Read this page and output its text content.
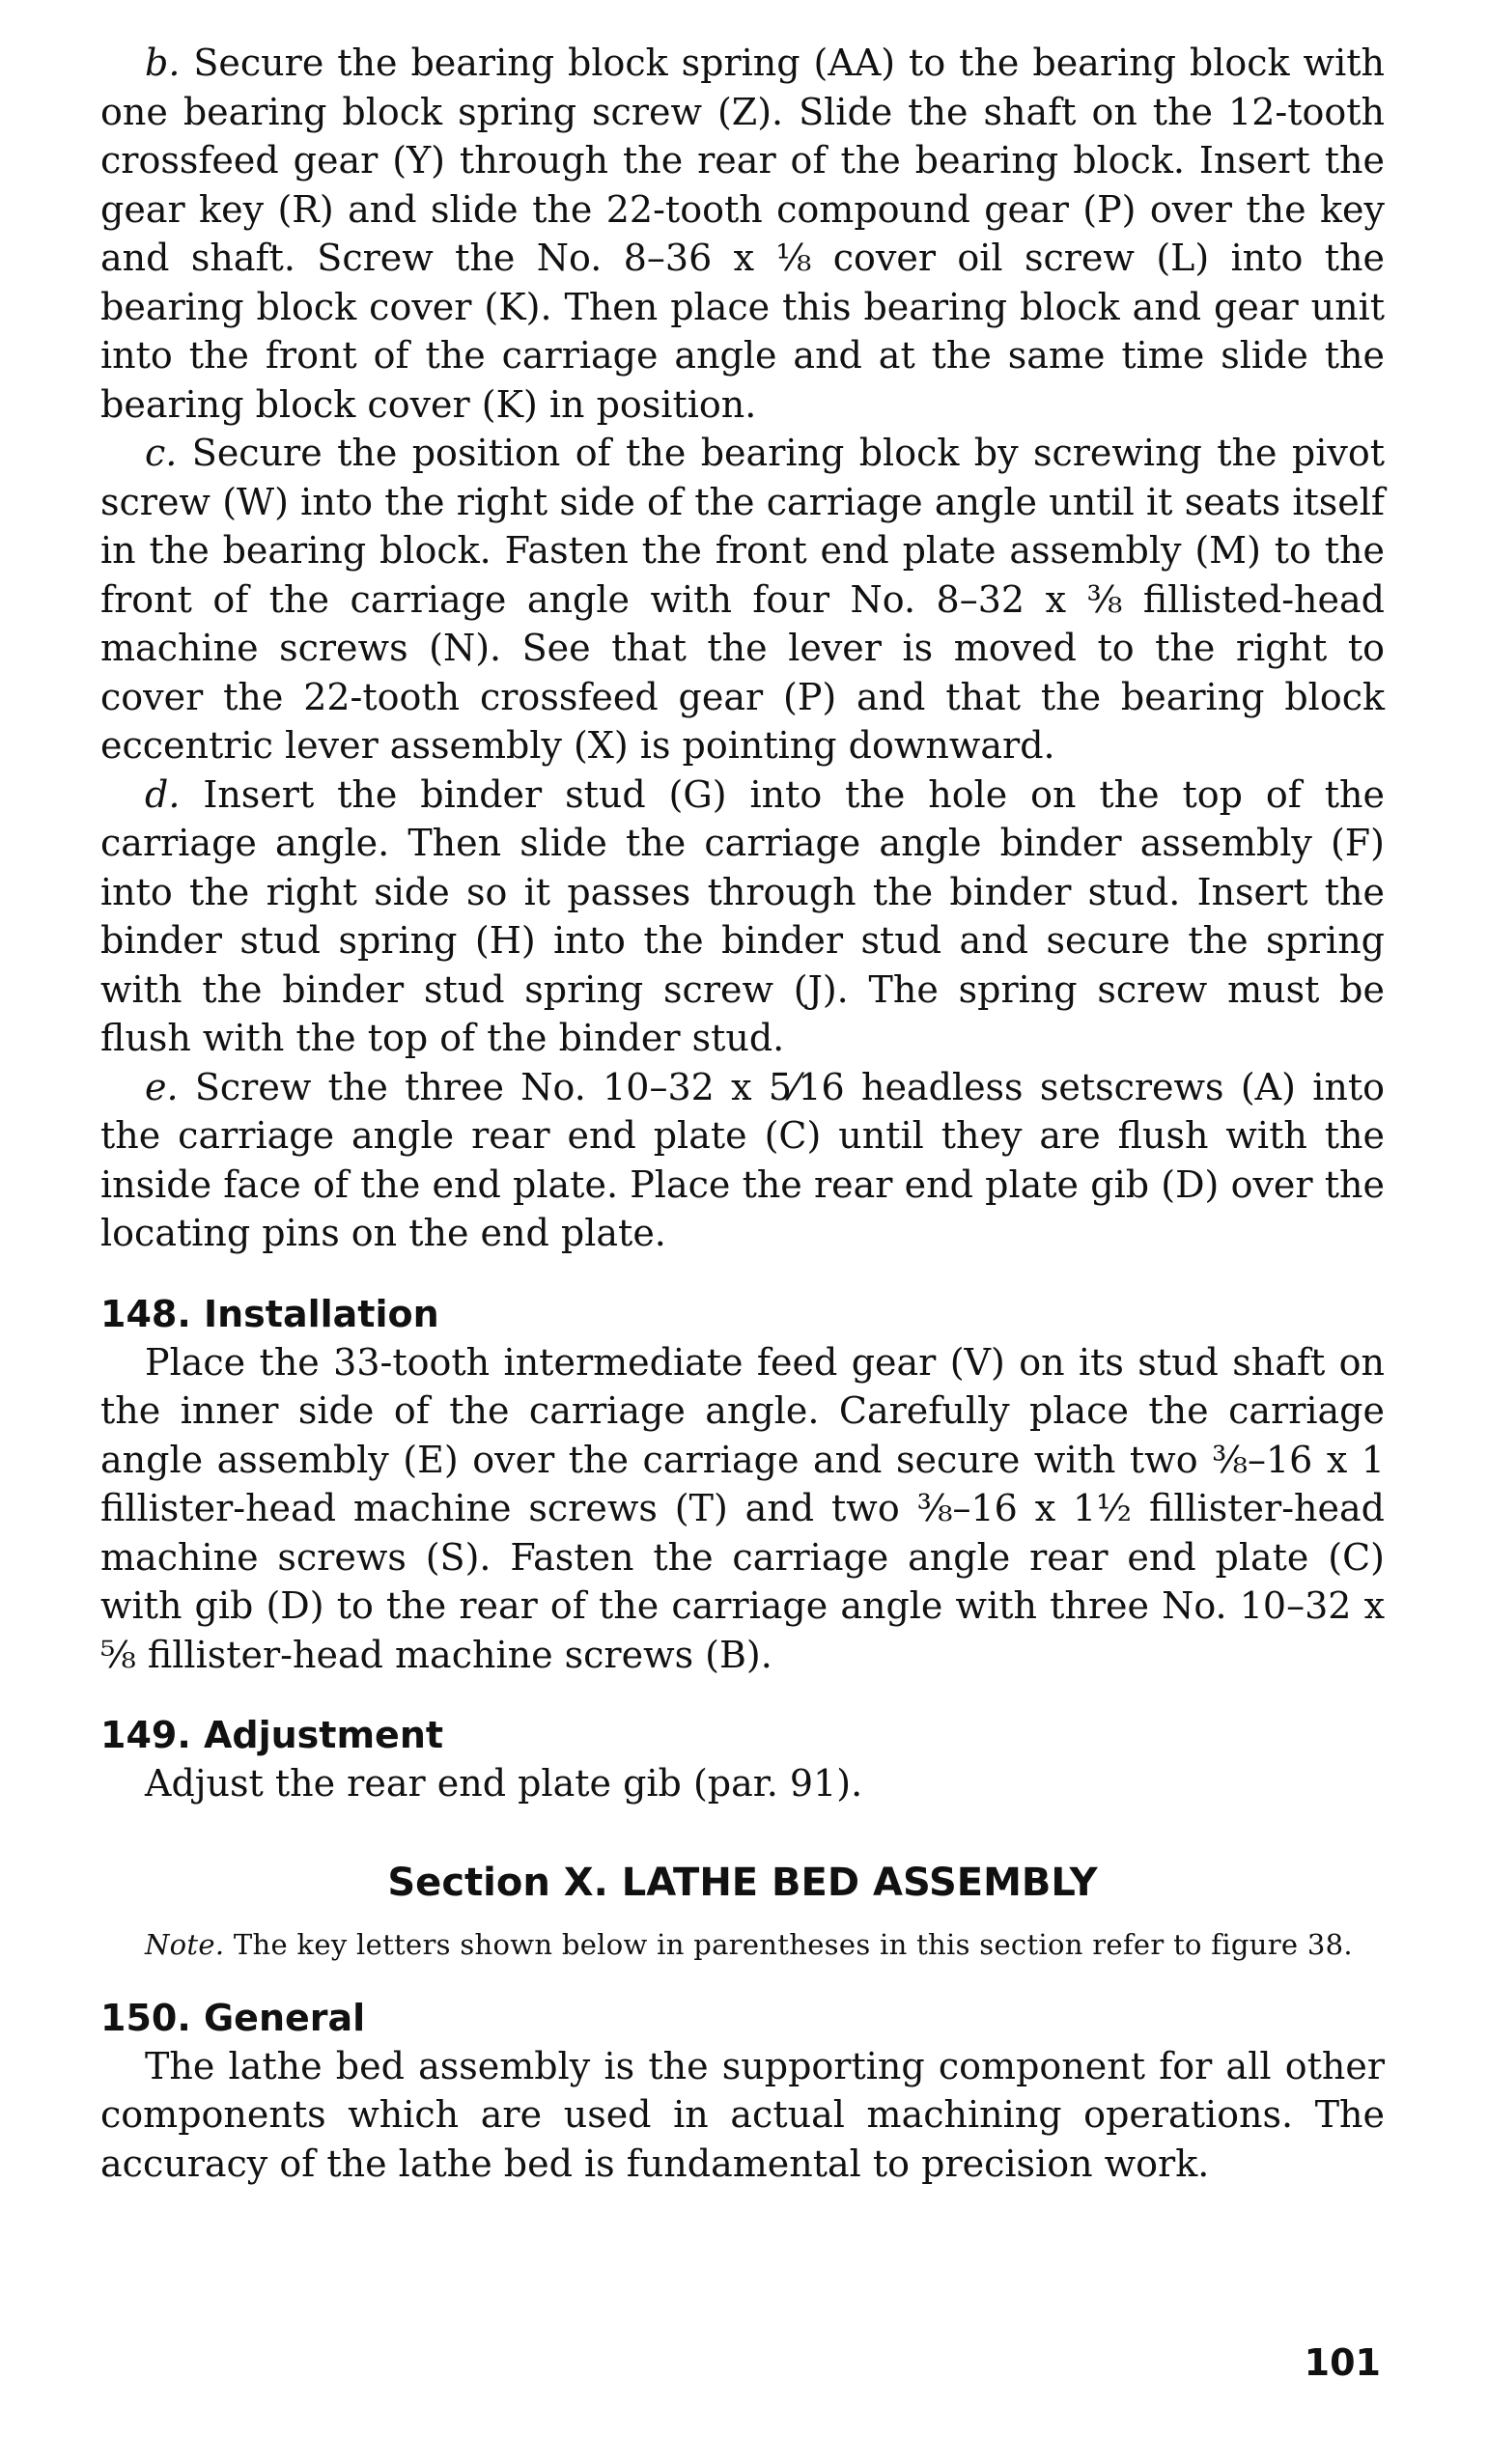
b. Secure the bearing block spring (AA) to the bearing block with one bearing block spring screw (Z). Slide the shaft on the 12-tooth crossfeed gear (Y) through the rear of the bearing block. Insert the gear key (R) and slide the 22-tooth compound gear (P) over the key and shaft. Screw the No. 8–36 x ⅛ cover oil screw (L) into the bearing block cover (K). Then place this bearing block and gear unit into the front of the carriage angle and at the same time slide the bearing block cover (K) in position.

c. Secure the position of the bearing block by screwing the pivot screw (W) into the right side of the carriage angle until it seats itself in the bearing block. Fasten the front end plate assembly (M) to the front of the carriage angle with four No. 8–32 x ⅜ fillisted-head machine screws (N). See that the lever is moved to the right to cover the 22-tooth crossfeed gear (P) and that the bearing block eccentric lever assembly (X) is pointing downward.

d. Insert the binder stud (G) into the hole on the top of the carriage angle. Then slide the carriage angle binder assembly (F) into the right side so it passes through the binder stud. Insert the binder stud spring (H) into the binder stud and secure the spring with the binder stud spring screw (J). The spring screw must be flush with the top of the binder stud.

e. Screw the three No. 10–32 x 5⁄16 headless setscrews (A) into the carriage angle rear end plate (C) until they are flush with the inside face of the end plate. Place the rear end plate gib (D) over the locating pins on the end plate.

148. Installation

Place the 33-tooth intermediate feed gear (V) on its stud shaft on the inner side of the carriage angle. Carefully place the carriage angle assembly (E) over the carriage and secure with two ⅜–16 x 1 fillister-head machine screws (T) and two ⅜–16 x 1½ fillister-head machine screws (S). Fasten the carriage angle rear end plate (C) with gib (D) to the rear of the carriage angle with three No. 10–32 x ⅝ fillister-head machine screws (B).

149. Adjustment

Adjust the rear end plate gib (par. 91).

Section X. LATHE BED ASSEMBLY

Note. The key letters shown below in parentheses in this section refer to figure 38.

150. General

The lathe bed assembly is the supporting component for all other components which are used in actual machining operations. The accuracy of the lathe bed is fundamental to precision work.

101
